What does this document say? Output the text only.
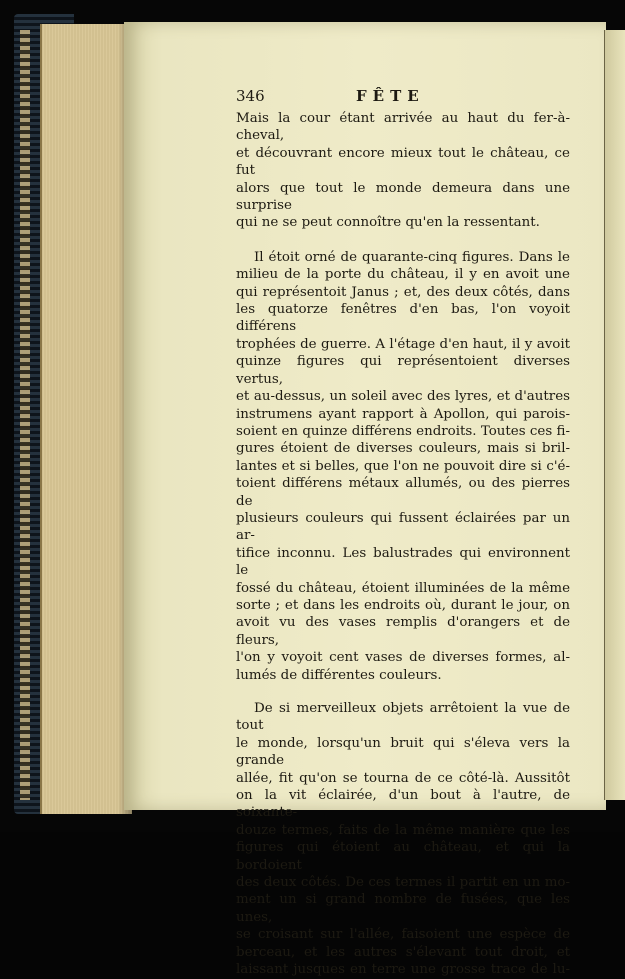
346	FÊTE

Mais la cour étant arrivée au haut du fer-à-cheval,

et découvrant encore mieux tout le château, ce fut

alors que tout le monde demeura dans une surprise

qui ne se peut connoître qu'en la ressentant.

Il étoit orné de quarante-cinq figures. Dans le

milieu de la porte du château, il y en avoit une

qui représentoit Janus ; et, des deux côtés, dans

les quatorze fenêtres d'en bas, l'on voyoit différens

trophées de guerre. A l'étage d'en haut, il y avoit

quinze figures qui représentoient diverses vertus,

et au-dessus, un soleil avec des lyres, et d'autres

instrumens ayant rapport à Apollon, qui parois-

soient en quinze différens endroits. Toutes ces fi-

gures étoient de diverses couleurs, mais si bril-

lantes et si belles, que l'on ne pouvoit dire si c'é-

toient différens métaux allumés, ou des pierres de

plusieurs couleurs qui fussent éclairées par un ar-

tifice inconnu. Les balustrades qui environnent le

fossé du château, étoient illuminées de la même

sorte ; et dans les endroits où, durant le jour, on

avoit vu des vases remplis d'orangers et de fleurs,

l'on y voyoit cent vases de diverses formes, al-

lumés de différentes couleurs.

De si merveilleux objets arrêtoient la vue de tout

le monde, lorsqu'un bruit qui s'éleva vers la grande

allée, fit qu'on se tourna de ce côté-là. Aussitôt

on la vit éclairée, d'un bout à l'autre, de soixante-

douze termes, faits de la même manière que les

figures qui étoient au château, et qui la bordoient

des deux côtés. De ces termes il partit en un mo-

ment un si grand nombre de fusées, que les unes,

se croisant sur l'allée, faisoient une espèce de

berceau, et les autres s'élevant tout droit, et

laissant jusques en terre une grosse trace de lu-
